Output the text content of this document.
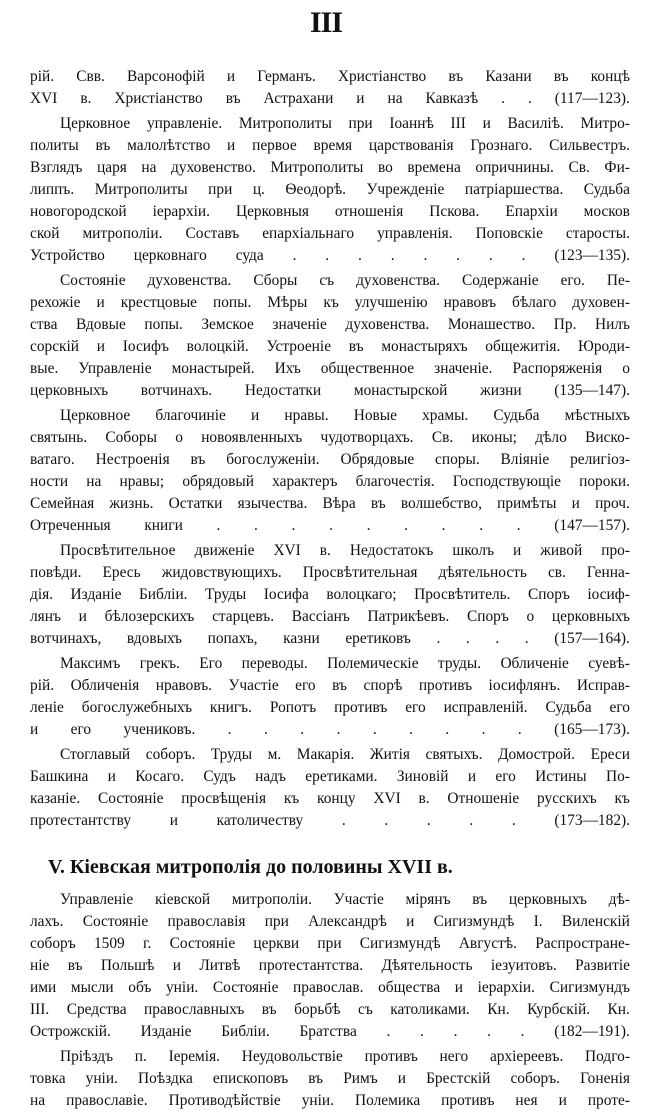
III
рій. Свв. Варсонофій и Германъ. Христіанство въ Казани въ концѣ
XVI в. Христіанство въ Астрахани и на Кавказѣ . . (117—123).
Церковное управленіе. Митрополиты при Іоаннѣ III и Василіѣ. Митро-
политы въ малолѣтство и первое время царствованія Грознаго. Сильвестръ.
Взглядъ царя на духовенство. Митрополиты во времена опричнины. Св. Фи-
липпъ. Митрополиты при ц. Ѳеодорѣ. Учрежденіе патріаршества. Судьба
новогородской іерархіи. Церковныя отношенія Пскова. Епархіи москов
ской митрополіи. Составъ епархіальнаго управленія. Поповскіе старосты.
Устройство церковнаго суда . . . . . . . . (123—135).
Состояніе духовенства. Сборы съ духовенства. Содержаніе его. Пе-
рехожіе и крестцовые попы. Мѣры къ улучшенію нравовъ бѣлаго духовен-
ства Вдовые попы. Земское значеніе духовенства. Монашество. Пр. Нилъ
сорскій и Іосифъ волоцкій. Устроеніе въ монастыряхъ общежитія. Юроди-
вые. Управленіе монастырей. Ихъ общественное значеніе. Распоряженія о
церковныхъ вотчинахъ. Недостатки монастырской жизни (135—147).
Церковное благочиніе и нравы. Новые храмы. Судьба мѣстныхъ
святынь. Соборы о новоявленныхъ чудотворцахъ. Св. иконы; дѣло Виско-
ватаго. Нестроенія въ богослуженіи. Обрядовые споры. Вліяніе религіоз-
ности на нравы; обрядовый характеръ благочестія. Господствующіе пороки.
Семейная жизнь. Остатки язычества. Вѣра въ волшебство, примѣты и проч.
Отреченныя книги . . . . . . . . . (147—157).
Просвѣтительное движеніе XVI в. Недостатокъ школъ и живой про-
повѣди. Ересь жидовствующихъ. Просвѣтительная дѣятельность св. Генна-
дія. Изданіе Библіи. Труды Іосифа волоцкаго; Просвѣтитель. Споръ іосиф-
лянъ и бѣлозерскихъ старцевъ. Вассіанъ Патрикѣевъ. Споръ о церковныхъ
вотчинахъ, вдовыхъ попахъ, казни еретиковъ . . . . (157—164).
Максимъ грекъ. Его переводы. Полемическіе труды. Обличеніе суевѣ-
рій. Обличенія нравовъ. Участіе его въ спорѣ противъ іосифлянъ. Исправ-
леніе богослужебныхъ книгъ. Ропотъ противъ его исправленій. Судьба его
и его учениковъ. . . . . . . . . . (165—173).
Стоглавый соборъ. Труды м. Макарія. Житія святыхъ. Домострой. Ереси
Башкина и Косаго. Судъ надъ еретиками. Зиновій и его Истины По-
казаніе. Состояніе просвѣщенія къ концу XVI в. Отношеніе русскихъ къ
протестантству	и	католичеству	.	.	.	.	.	(173—182).
V. Кіевская митрополія до половины XVII в.
Управленіе кіевской митрополіи. Участіе мірянъ въ церковныхъ дѣ-
лахъ. Состояніе православія при Александрѣ и Сигизмундѣ I. Виленскій
соборъ 1509 г. Состояніе церкви при Сигизмундѣ Августѣ. Распростране-
ніе въ Польшѣ и Литвѣ протестантства. Дѣятельность іезуитовъ. Развитіе
ими мысли объ уніи. Состояніе православ. общества и іерархіи. Сигизмундъ
III. Средства православныхъ въ борьбѣ съ католиками. Кн. Курбскій. Кн.
Острожскій. Изданіе Библіи. Братства . . . . . (182—191).
Пріѣздъ п. Іеремія. Неудовольствіе противъ него архіереевъ. Подго-
товка уніи. Поѣздка епископовъ въ Римъ и Брестскій соборъ. Гоненія
на православіе. Противодѣйствіе уніи. Полемика противъ нея и проте-
